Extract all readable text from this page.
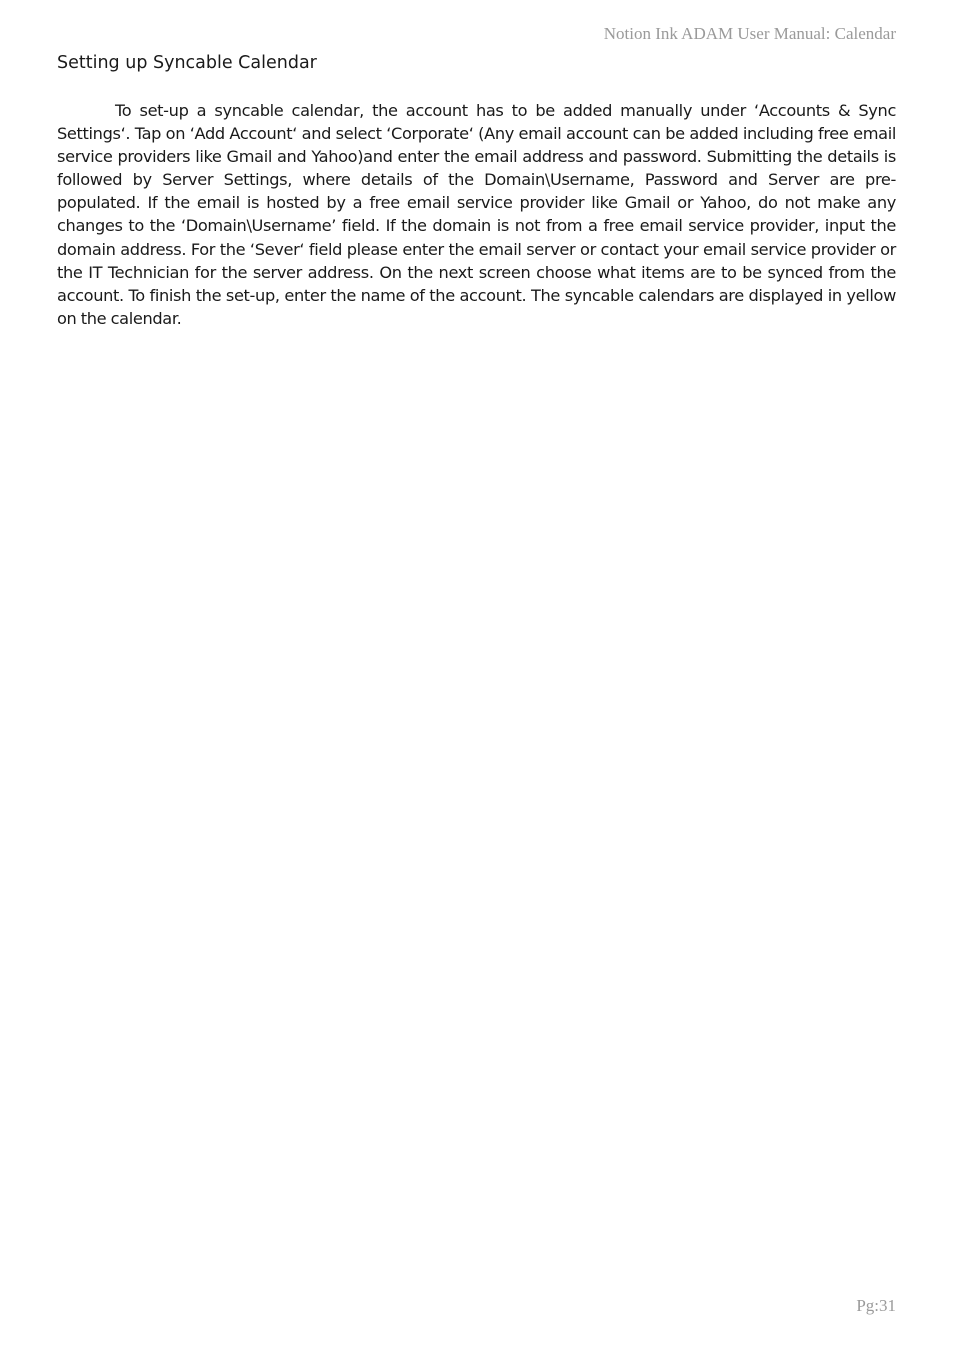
Notion Ink ADAM User Manual: Calendar
Setting up Syncable Calendar

To set-up a syncable calendar, the account has to be added manually under ‘Accounts & Sync Settings‘. Tap on ‘Add Account‘ and select ‘Corporate‘ (Any email account can be added including free email service providers like Gmail and Yahoo)and enter the email address and password. Submitting the details is followed by Server Settings, where details of the Domain\Username, Password and Server are pre-populated. If the email is hosted by a free email service provider like Gmail or Yahoo, do not make any changes to the ‘Domain\Username’ field. If the domain is not from a free email service provider, input the domain address. For the ‘Sever‘ field please enter the email server or contact your email service provider or the IT Technician for the server address. On the next screen choose what items are to be synced from the account. To finish the set-up, enter the name of the account. The syncable calendars are displayed in yellow on the calendar.

Pg:31
